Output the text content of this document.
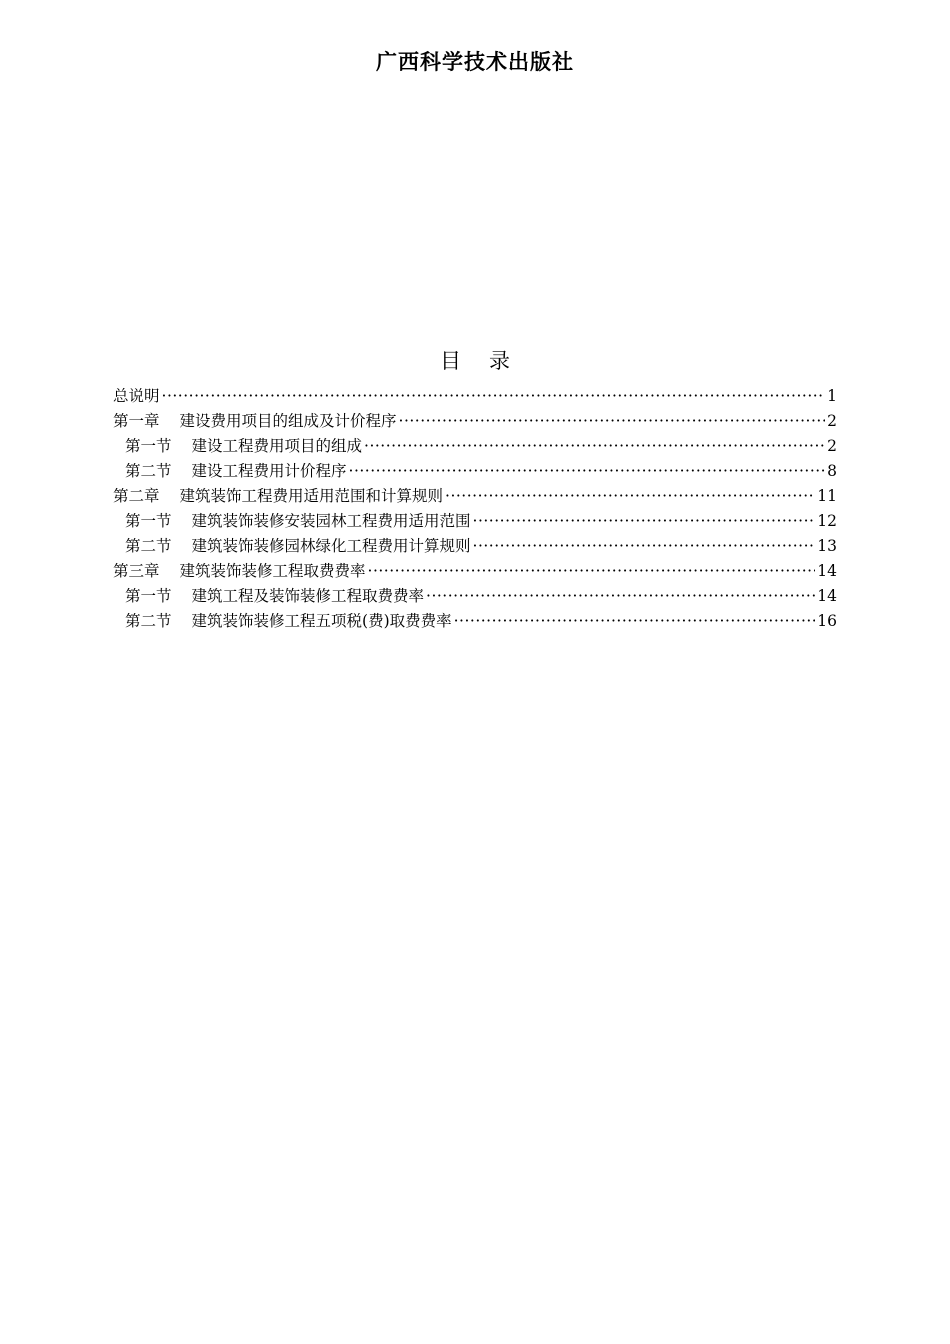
广西科学技术出版社
目 录
总说明 ·····	1
第一章 建设费用项目的组成及计价程序 ·····	2
第一节 建设工程费用项目的组成 ·····	2
第二节 建设工程费用计价程序 ·····	8
第二章 建筑装饰工程费用适用范围和计算规则 ·····	11
第一节 建筑装饰装修安装园林工程费用适用范围 ·····	12
第二节 建筑装饰装修园林绿化工程费用计算规则 ·····	13
第三章 建筑装饰装修工程取费费率 ·····	14
第一节 建筑工程及装饰装修工程取费费率 ·····	14
第二节 建筑装饰装修工程五项税(费)取费费率 ·····	16
